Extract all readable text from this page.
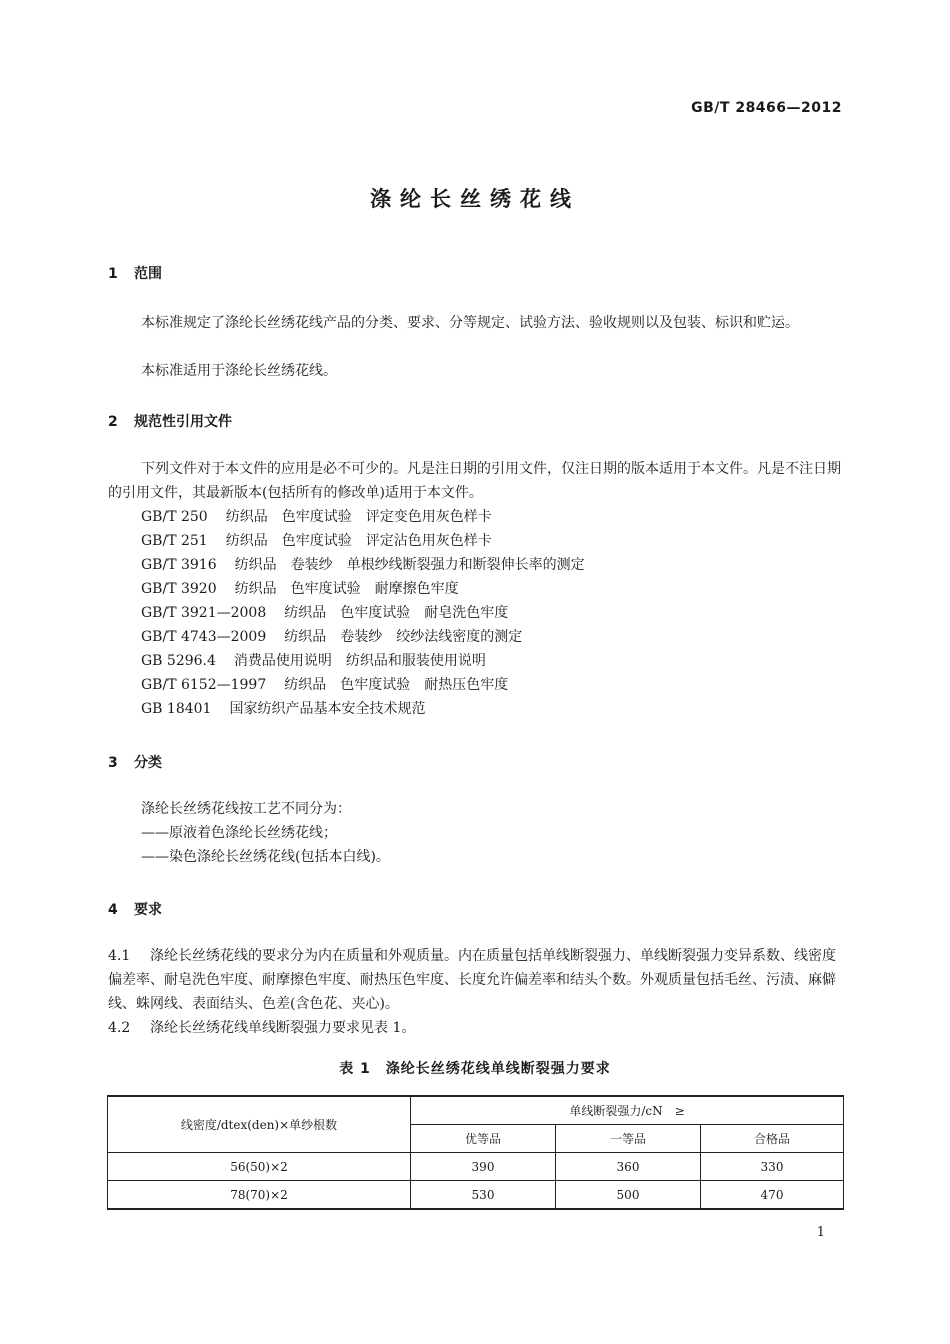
GB/T 28466—2012
涤纶长丝绣花线
1 范围

本标准规定了涤纶长丝绣花线产品的分类、要求、分等规定、试验方法、验收规则以及包装、标识和贮运。

本标准适用于涤纶长丝绣花线。
2 规范性引用文件

下列文件对于本文件的应用是必不可少的。凡是注日期的引用文件，仅注日期的版本适用于本文件。凡是不注日期的引用文件，其最新版本(包括所有的修改单)适用于本文件。

GB/T 250 纺织品　色牢度试验　评定变色用灰色样卡
GB/T 251 纺织品　色牢度试验　评定沾色用灰色样卡
GB/T 3916 纺织品　卷装纱　单根纱线断裂强力和断裂伸长率的测定
GB/T 3920 纺织品　色牢度试验　耐摩擦色牢度
GB/T 3921—2008 纺织品　色牢度试验　耐皂洗色牢度
GB/T 4743—2009 纺织品　卷装纱　绞纱法线密度的测定
GB 5296.4 消费品使用说明　纺织品和服装使用说明
GB/T 6152—1997 纺织品　色牢度试验　耐热压色牢度
GB 18401 国家纺织产品基本安全技术规范
3 分类
涤纶长丝绣花线按工艺不同分为：
——原液着色涤纶长丝绣花线；
——染色涤纶长丝绣花线(包括本白线)。
4 要求

4.1 涤纶长丝绣花线的要求分为内在质量和外观质量。内在质量包括单线断裂强力、单线断裂强力变异系数、线密度偏差率、耐皂洗色牢度、耐摩擦色牢度、耐热压色牢度、长度允许偏差率和结头个数。外观质量包括毛丝、污渍、麻僻线、蛛网线、表面结头、色差(含色花、夹心)。

4.2 涤纶长丝绣花线单线断裂强力要求见表 1。
表 1　涤纶长丝绣花线单线断裂强力要求
线密度/dtex(den)×单纱根数	单线断裂强力/cN　≥		
	优等品	一等品	合格品
56(50)×2	390	360	330
78(70)×2	530	500	470
1
